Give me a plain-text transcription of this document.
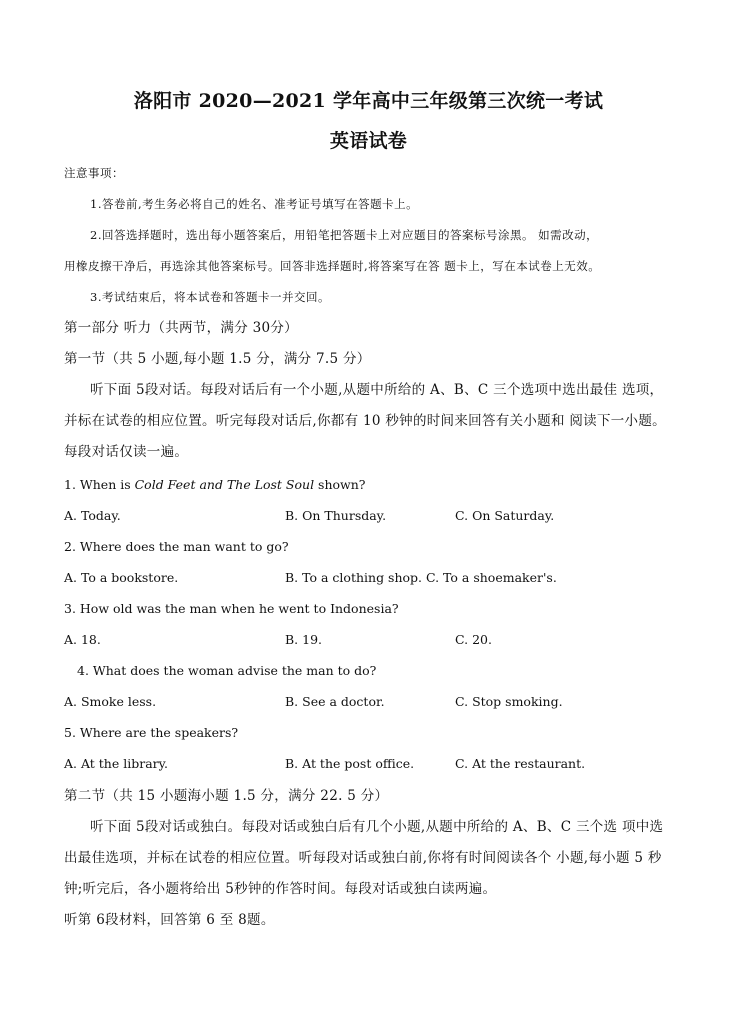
洛阳市 2020—2021 学年高中三年级第三次统一考试
英语试卷
注意事项：
1.答卷前,考生务必将自己的姓名、准考证号填写在答题卡上。
2.回答选择题时，选出每小题答案后，用铅笔把答题卡上对应题目的答案标号涂黑。 如需改动，
用橡皮擦干净后，再选涂其他答案标号。回答非选择题时,将答案写在答 题卡上，写在本试卷上无效。
3.考试结束后，将本试卷和答题卡一并交回。
第一部分 听力（共两节，满分 30分）
第一节（共 5 小题,每小题 1.5 分，满分 7.5 分）
听下面 5段对话。每段对话后有一个小题,从题中所给的 A、B、C 三个选项中选出最佳 选项，
并标在试卷的相应位置。听完每段对话后,你都有 10 秒钟的时间来回答有关小题和 阅读下一小题。
每段对话仅读一遍。
1. When is Cold Feet and The Lost Soul shown?
A. Today.	B. On Thursday.	C. On Saturday.
2. Where does the man want to go?
A. To a bookstore.	B. To a clothing shop. C. To a shoemaker's.
3. How old was the man when he went to Indonesia?
A. 18.	B. 19.	C. 20.
4. What does the woman advise the man to do?
A. Smoke less.	B. See a doctor.	C. Stop smoking.
5. Where are the speakers?
A. At the library.	B. At the post office.	C. At the restaurant.
第二节（共 15 小题海小题 1.5 分，满分 22. 5 分）
听下面 5段对话或独白。每段对话或独白后有几个小题,从题中所给的 A、B、C 三个选 项中选
出最佳选项，并标在试卷的相应位置。听每段对话或独白前,你将有时间阅读各个 小题,每小题 5 秒
钟;听完后，各小题将给出 5秒钟的作答时间。每段对话或独白读两遍。
听第 6段材料，回答第 6 至 8题。
